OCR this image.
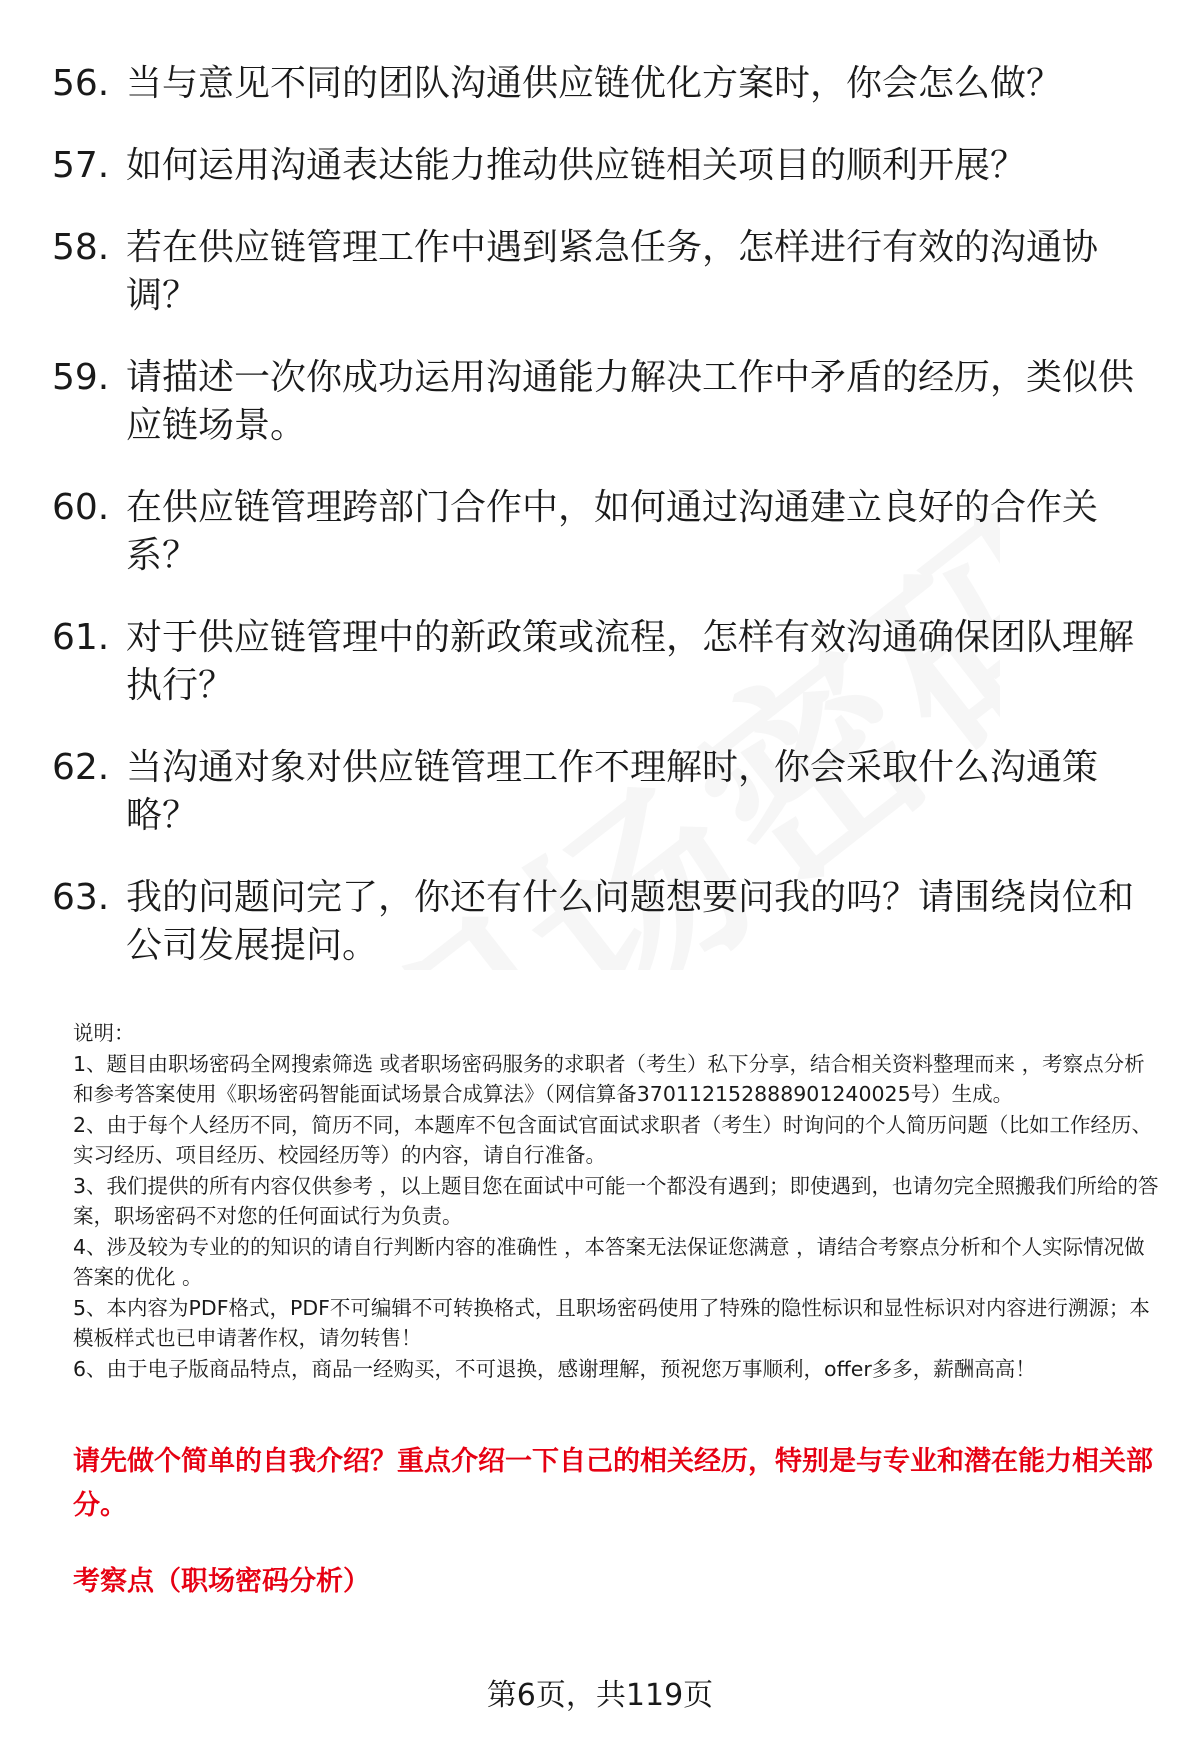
56. 当与意见不同的团队沟通供应链优化方案时，你会怎么做？
57. 如何运用沟通表达能力推动供应链相关项目的顺利开展？
58. 若在供应链管理工作中遇到紧急任务，怎样进行有效的沟通协调？
59. 请描述一次你成功运用沟通能力解决工作中矛盾的经历，类似供应链场景。
60. 在供应链管理跨部门合作中，如何通过沟通建立良好的合作关系？
61. 对于供应链管理中的新政策或流程，怎样有效沟通确保团队理解执行？
62. 当沟通对象对供应链管理工作不理解时，你会采取什么沟通策略？
63. 我的问题问完了，你还有什么问题想要问我的吗？请围绕岗位和公司发展提问。

说明：

1、题目由职场密码全网搜索筛选 或者职场密码服务的求职者（考生）私下分享，结合相关资料整理而来 ，考察点分析和参考答案使用《职场密码智能面试场景合成算法》（网信算备370112152888901240025号）生成。

2、由于每个人经历不同，简历不同，本题库不包含面试官面试求职者（考生）时询问的个人简历问题（比如工作经历、实习经历、项目经历、校园经历等）的内容，请自行准备。

3、我们提供的所有内容仅供参考 ，以上题目您在面试中可能一个都没有遇到；即使遇到，也请勿完全照搬我们所给的答案，职场密码不对您的任何面试行为负责。

4、涉及较为专业的的知识的请自行判断内容的准确性 ，本答案无法保证您满意 ，请结合考察点分析和个人实际情况做答案的优化 。

5、本内容为PDF格式，PDF不可编辑不可转换格式，且职场密码使用了特殊的隐性标识和显性标识对内容进行溯源；本模板样式也已申请著作权，请勿转售！

6、由于电子版商品特点，商品一经购买，不可退换，感谢理解，预祝您万事顺利，offer多多，薪酬高高！

请先做个简单的自我介绍？重点介绍一下自己的相关经历，特别是与专业和潜在能力相关部分。
考察点（职场密码分析）
第6页，共119页
